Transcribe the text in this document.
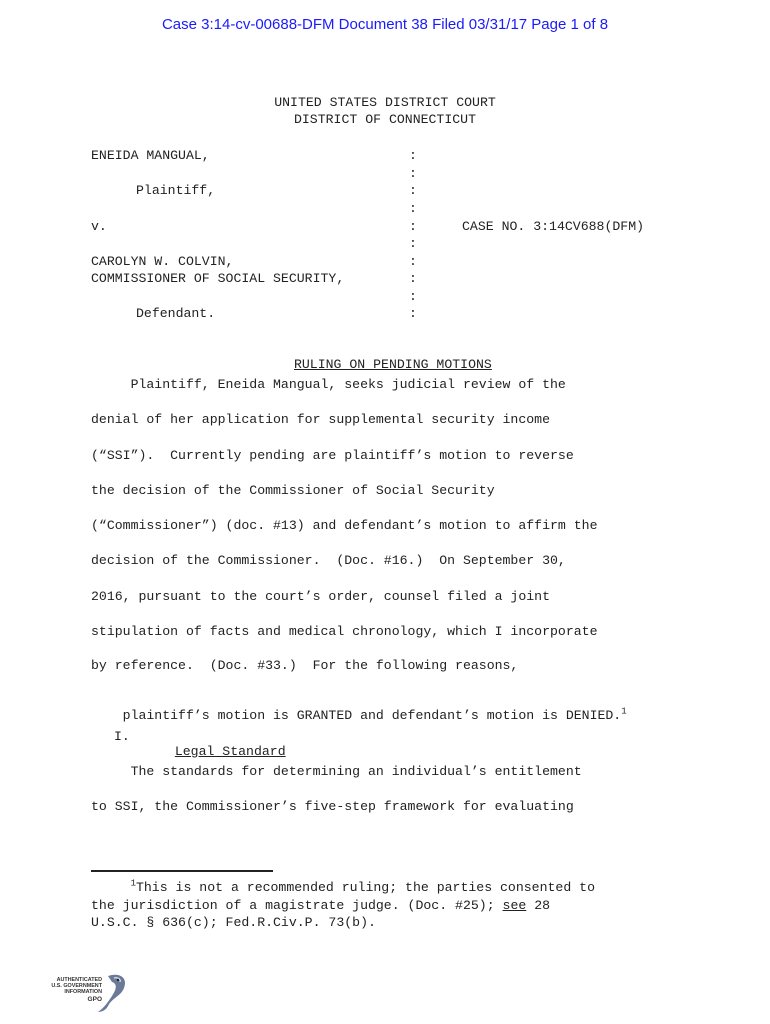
Case 3:14-cv-00688-DFM Document 38 Filed 03/31/17 Page 1 of 8
UNITED STATES DISTRICT COURT
DISTRICT OF CONNECTICUT
ENEIDA MANGUAL,
Plaintiff,
v.
CAROLYN W. COLVIN,
COMMISSIONER OF SOCIAL SECURITY,
Defendant.
:
:
:
:
:
:
:
:
:
:
CASE NO. 3:14CV688(DFM)

RULING ON PENDING MOTIONS

Plaintiff, Eneida Mangual, seeks judicial review of the
denial of her application for supplemental security income
(“SSI”).  Currently pending are plaintiff’s motion to reverse
the decision of the Commissioner of Social Security
(“Commissioner”) (doc. #13) and defendant’s motion to affirm the
decision of the Commissioner.  (Doc. #16.)  On September 30,
2016, pursuant to the court’s order, counsel filed a joint
stipulation of facts and medical chronology, which I incorporate
by reference.  (Doc. #33.)  For the following reasons,

plaintiff’s motion is GRANTED and defendant’s motion is DENIED.$^1$

I.

Legal Standard

The standards for determining an individual’s entitlement
to SSI, the Commissioner’s five-step framework for evaluating
$^1$This is not a recommended ruling; the parties consented to
the jurisdiction of a magistrate judge. (Doc. #25); see 28
U.S.C. § 636(c); Fed.R.Civ.P. 73(b).
AUTHENTICATED
U.S. GOVERNMENT
INFORMATION
GPO
